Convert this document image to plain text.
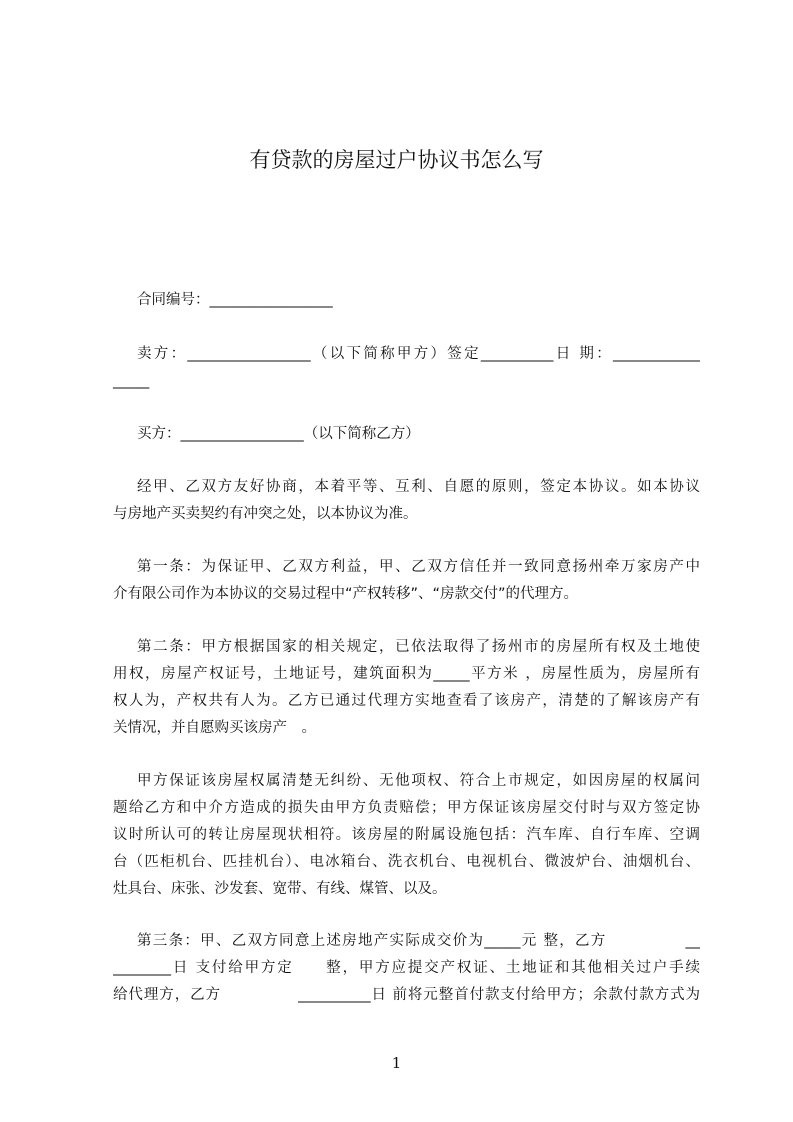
有贷款的房屋过户协议书怎么写
合同编号：_________________
卖方：_________________（以下简称甲方）签定__________日 期：____________
_____
买方：_________________（以下简称乙方）
经甲、乙双方友好协商，本着平等、互利、自愿的原则，签定本协议。如本协议
与房地产买卖契约有冲突之处，以本协议为准。
第一条：为保证甲、乙双方利益，甲、乙双方信任并一致同意扬州牵万家房产中
介有限公司作为本协议的交易过程中“产权转移”、“房款交付”的代理方。
第二条：甲方根据国家的相关规定，已依法取得了扬州市的房屋所有权及土地使
用权，房屋产权证号，土地证号，建筑面积为_____平方米 ，房屋性质为，房屋所有
权人为，产权共有人为。乙方已通过代理方实地查看了该房产，清楚的了解该房产有
关情况，并自愿购买该房产　。
甲方保证该房屋权属清楚无纠纷、无他项权、符合上市规定，如因房屋的权属问
题给乙方和中介方造成的损失由甲方负责赔偿；甲方保证该房屋交付时与双方签定协
议时所认可的转让房屋现状相符。该房屋的附属设施包括：汽车库、自行车库、空调
台（匹柜机台、匹挂机台）、电冰箱台、洗衣机台、电视机台、微波炉台、油烟机台、
灶具台、床张、沙发套、宽带、有线、煤管、以及。
第三条：甲、乙双方同意上述房地产实际成交价为_____元 整，乙方　　　　　__
________日 支付给甲方定　　整，甲方应提交产权证、土地证和其他相关过户手续
给代理方，乙方　　　　　__________日 前将元整首付款支付给甲方；余款付款方式为
1
